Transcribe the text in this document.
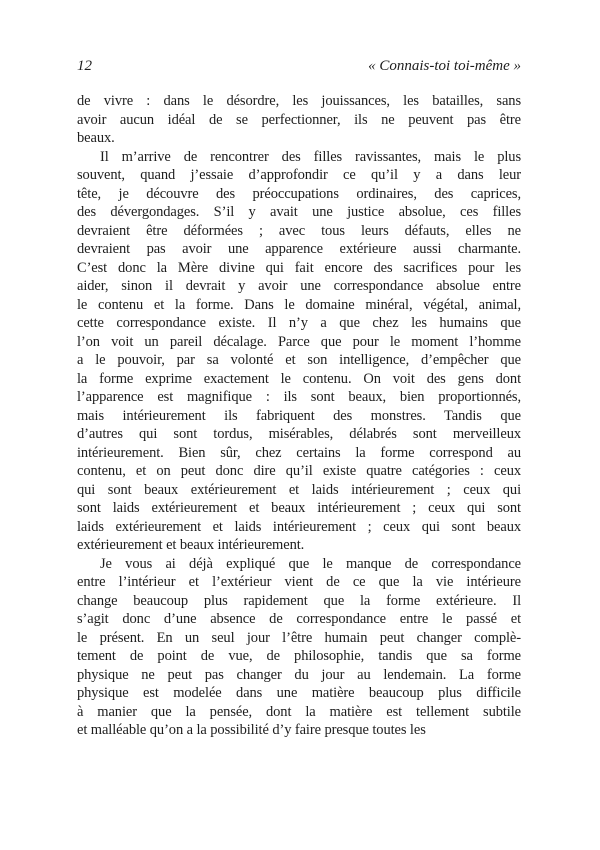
12	« Connais-toi toi-même »
de vivre : dans le désordre, les jouissances, les batailles, sans
avoir aucun idéal de se perfectionner, ils ne peuvent pas être
beaux.
Il m’arrive de rencontrer des filles ravissantes, mais le plus
souvent, quand j’essaie d’approfondir ce qu’il y a dans leur
tête, je découvre des préoccupations ordinaires, des caprices,
des dévergondages. S’il y avait une justice absolue, ces filles
devraient être déformées ; avec tous leurs défauts, elles ne
devraient pas avoir une apparence extérieure aussi charmante.
C’est donc la Mère divine qui fait encore des sacrifices pour les
aider, sinon il devrait y avoir une correspondance absolue entre
le contenu et la forme. Dans le domaine minéral, végétal, animal,
cette correspondance existe. Il n’y a que chez les humains que
l’on voit un pareil décalage. Parce que pour le moment l’homme
a le pouvoir, par sa volonté et son intelligence, d’empêcher que
la forme exprime exactement le contenu. On voit des gens dont
l’apparence est magnifique : ils sont beaux, bien proportionnés,
mais intérieurement ils fabriquent des monstres. Tandis que
d’autres qui sont tordus, misérables, délabrés sont merveilleux
intérieurement. Bien sûr, chez certains la forme correspond au
contenu, et on peut donc dire qu’il existe quatre catégories : ceux
qui sont beaux extérieurement et laids intérieurement ; ceux qui
sont laids extérieurement et beaux intérieurement ; ceux qui sont
laids extérieurement et laids intérieurement ; ceux qui sont beaux
extérieurement et beaux intérieurement.
Je vous ai déjà expliqué que le manque de correspondance
entre l’intérieur et l’extérieur vient de ce que la vie intérieure
change beaucoup plus rapidement que la forme extérieure. Il
s’agit donc d’une absence de correspondance entre le passé et
le présent. En un seul jour l’être humain peut changer complè-
tement de point de vue, de philosophie, tandis que sa forme
physique ne peut pas changer du jour au lendemain. La forme
physique est modelée dans une matière beaucoup plus difficile
à manier que la pensée, dont la matière est tellement subtile
et malléable qu’on a la possibilité d’y faire presque toutes les
